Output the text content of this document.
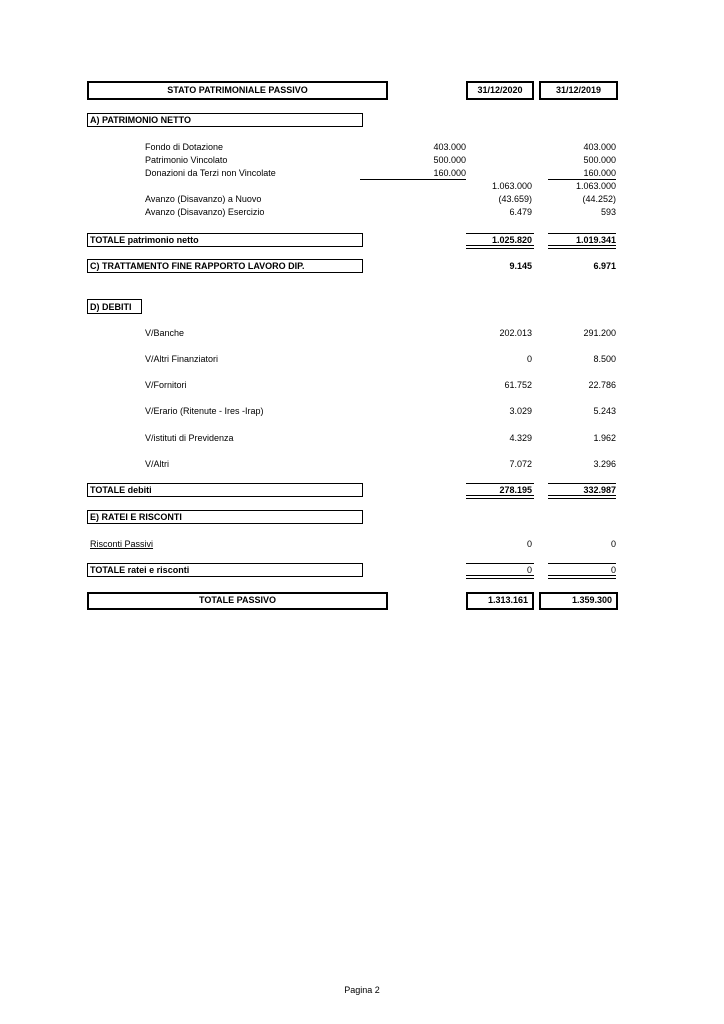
STATO PATRIMONIALE PASSIVO	31/12/2020	31/12/2019
A) PATRIMONIO NETTO
Fondo di Dotazione	403.000	403.000
Patrimonio Vincolato	500.000	500.000
Donazioni da Terzi non Vincolate	160.000	160.000
1.063.000	1.063.000
Avanzo (Disavanzo) a Nuovo	(43.659)	(44.252)
Avanzo (Disavanzo) Esercizio	6.479	593
TOTALE patrimonio netto	1.025.820	1.019.341
C) TRATTAMENTO FINE RAPPORTO LAVORO DIP.	9.145	6.971
D) DEBITI
V/Banche	202.013	291.200
V/Altri Finanziatori	0	8.500
V/Fornitori	61.752	22.786
V/Erario (Ritenute - Ires -Irap)	3.029	5.243
V/istituti di Previdenza	4.329	1.962
V/Altri	7.072	3.296
TOTALE debiti	278.195	332.987
E) RATEI E RISCONTI
Risconti Passivi	0	0
TOTALE ratei e risconti	0	0
TOTALE PASSIVO	1.313.161	1.359.300
Pagina 2
